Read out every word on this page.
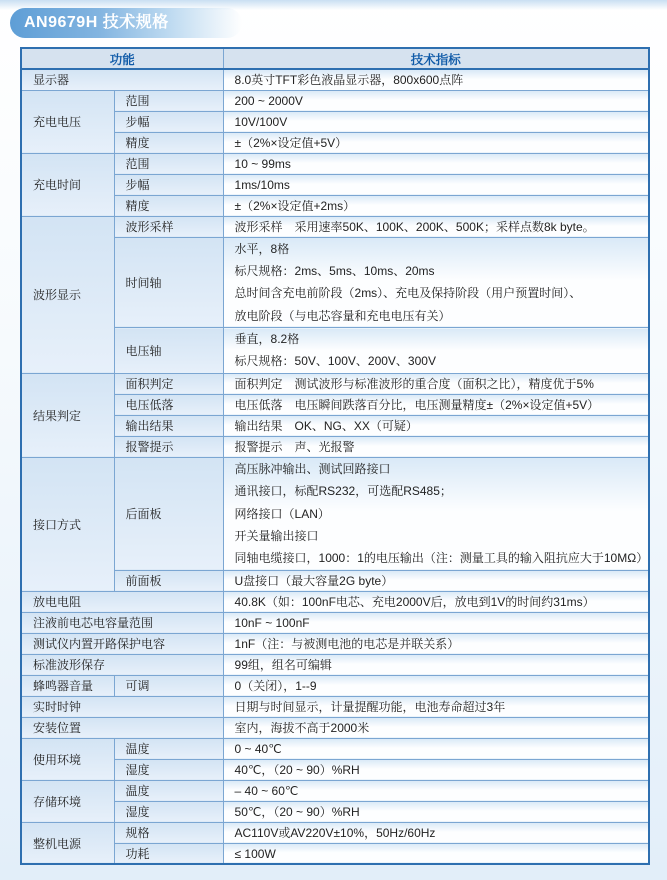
AN9679H 技术规格
功能		技术指标
显示器		8.0英寸TFT彩色液晶显示器，800x600点阵
充电电压	范围	200 ~ 2000V
	步幅	10V/100V
	精度	±（2%×设定值+5V）
充电时间	范围	10 ~ 99ms
	步幅	1ms/10ms
	精度	±（2%×设定值+2ms）
波形显示	波形采样	波形采样　采用速率50K、100K、200K、500K；采样点数8k byte。
	时间轴	水平，8格
标尺规格：2ms、5ms、10ms、20ms
总时间含充电前阶段（2ms）、充电及保持阶段（用户预置时间）、
放电阶段（与电芯容量和充电电压有关）

	电压轴	垂直，8.2格
标尺规格：50V、100V、200V、300V

结果判定	面积判定	面积判定　测试波形与标准波形的重合度（面积之比），精度优于5%
	电压低落	电压低落　电压瞬间跌落百分比，电压测量精度±（2%×设定值+5V）
	输出结果	输出结果　OK、NG、XX（可疑）
	报警提示	报警提示　声、光报警
接口方式	后面板	高压脉冲输出、测试回路接口
通讯接口，标配RS232，可选配RS485；
网络接口（LAN）
开关量输出接口
同轴电缆接口，1000：1的电压输出（注：测量工具的输入阻抗应大于10MΩ）

	前面板	U盘接口（最大容量2G byte）
放电电阻		40.8K（如：100nF电芯、充电2000V后，放电到1V的时间约31ms）
注液前电芯电容量范围		10nF ~ 100nF
测试仪内置开路保护电容		1nF（注：与被测电池的电芯是并联关系）
标准波形保存		99组，组名可编辑
蜂鸣器音量	可调	0（关闭），1--9
实时时钟		日期与时间显示，计量提醒功能，电池寿命超过3年
安装位置		室内，海拔不高于2000米
使用环境	温度	0 ~ 40℃
	湿度	40℃，（20 ~ 90）%RH
存储环境	温度	– 40 ~ 60℃
	湿度	50℃，（20 ~ 90）%RH
整机电源	规格	AC110V或AV220V±10%，50Hz/60Hz
	功耗	≤ 100W
